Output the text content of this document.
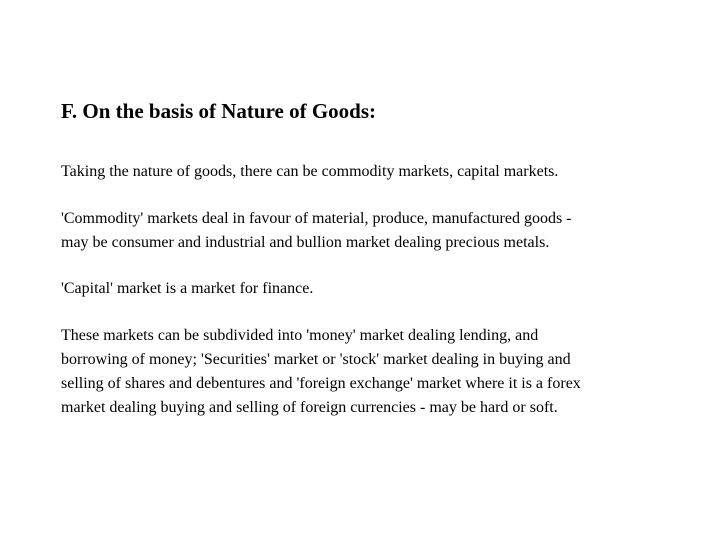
F. On the basis of Nature of Goods:

Taking the nature of goods, there can be commodity markets, capital markets.

'Commodity' markets deal in favour of material, produce, manufactured goods -
may be consumer and industrial and bullion market dealing precious metals.

'Capital' market is a market for finance.

These markets can be subdivided into 'money' market dealing lending, and
borrowing of money; 'Securities' market or 'stock' market dealing in buying and
selling of shares and debentures and 'foreign exchange' market where it is a forex
market dealing buying and selling of foreign currencies - may be hard or soft.
